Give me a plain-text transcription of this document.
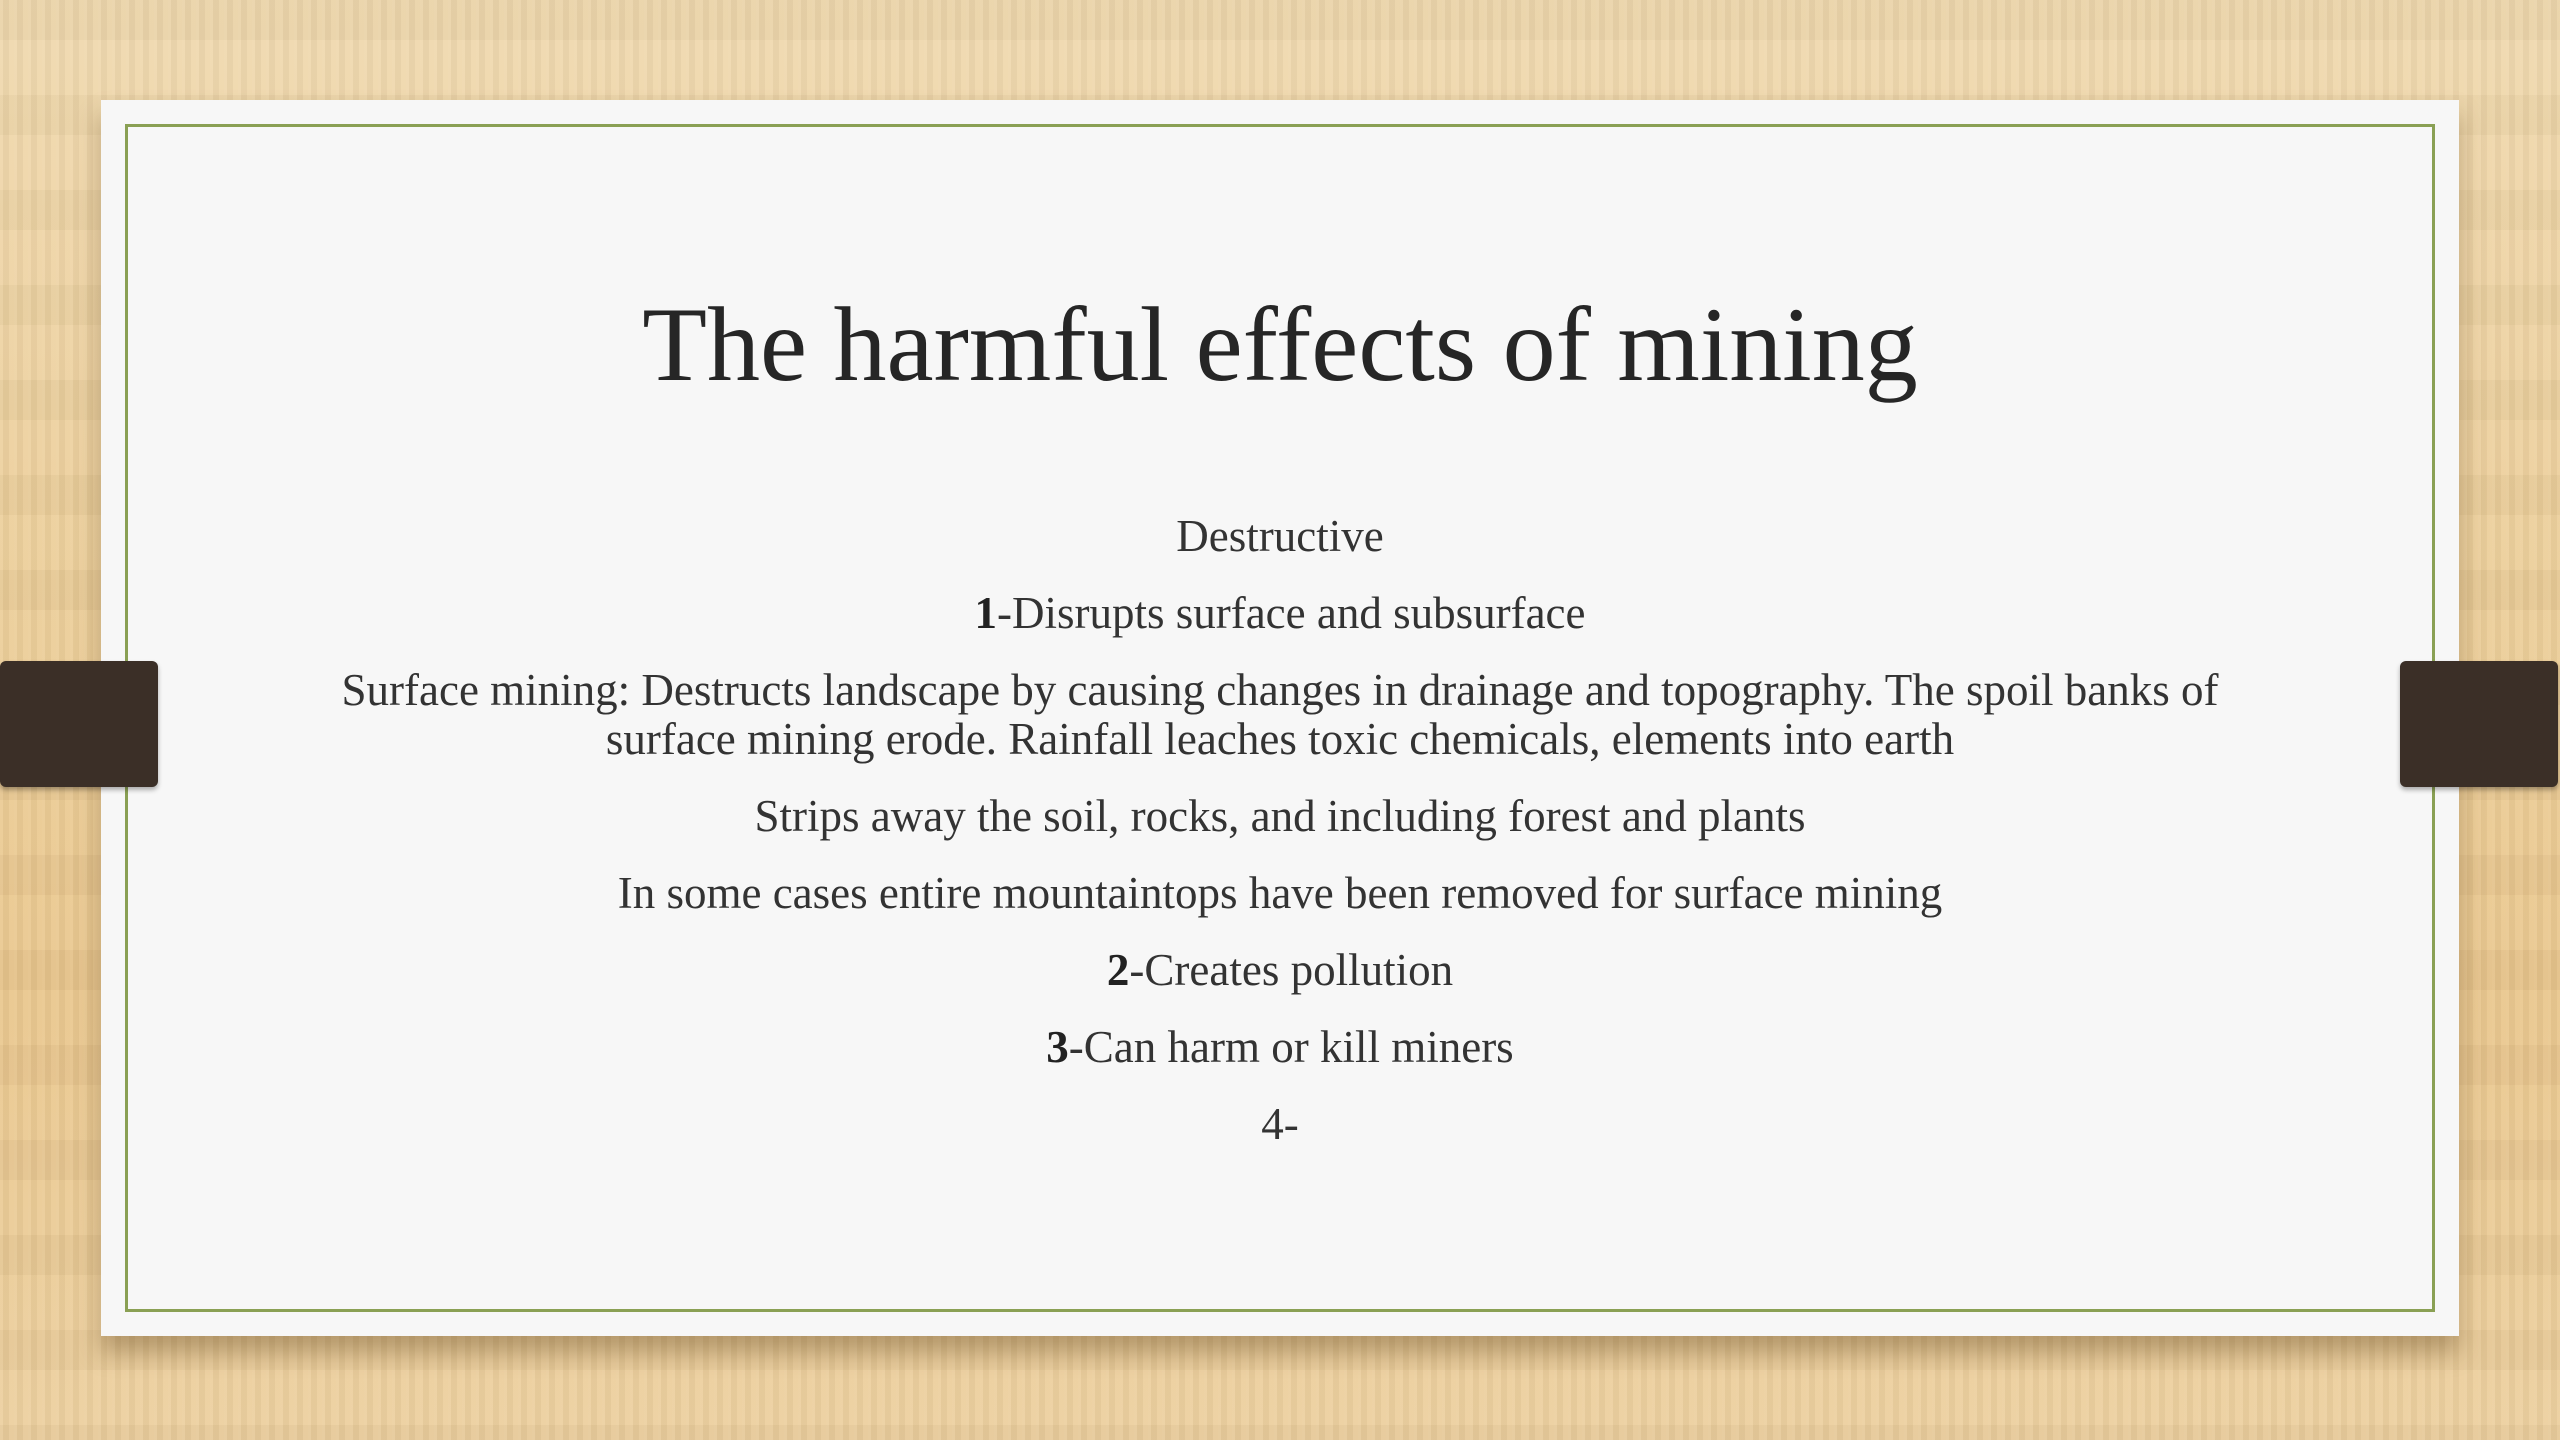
The harmful effects of mining

Destructive

1-Disrupts surface and subsurface

Surface mining: Destructs landscape by causing changes in drainage and topography. The spoil banks of surface mining erode. Rainfall leaches toxic chemicals, elements into earth

Strips away the soil, rocks, and including forest and plants

In some cases entire mountaintops have been removed for surface mining

2-Creates pollution

3-Can harm or kill miners

4-
